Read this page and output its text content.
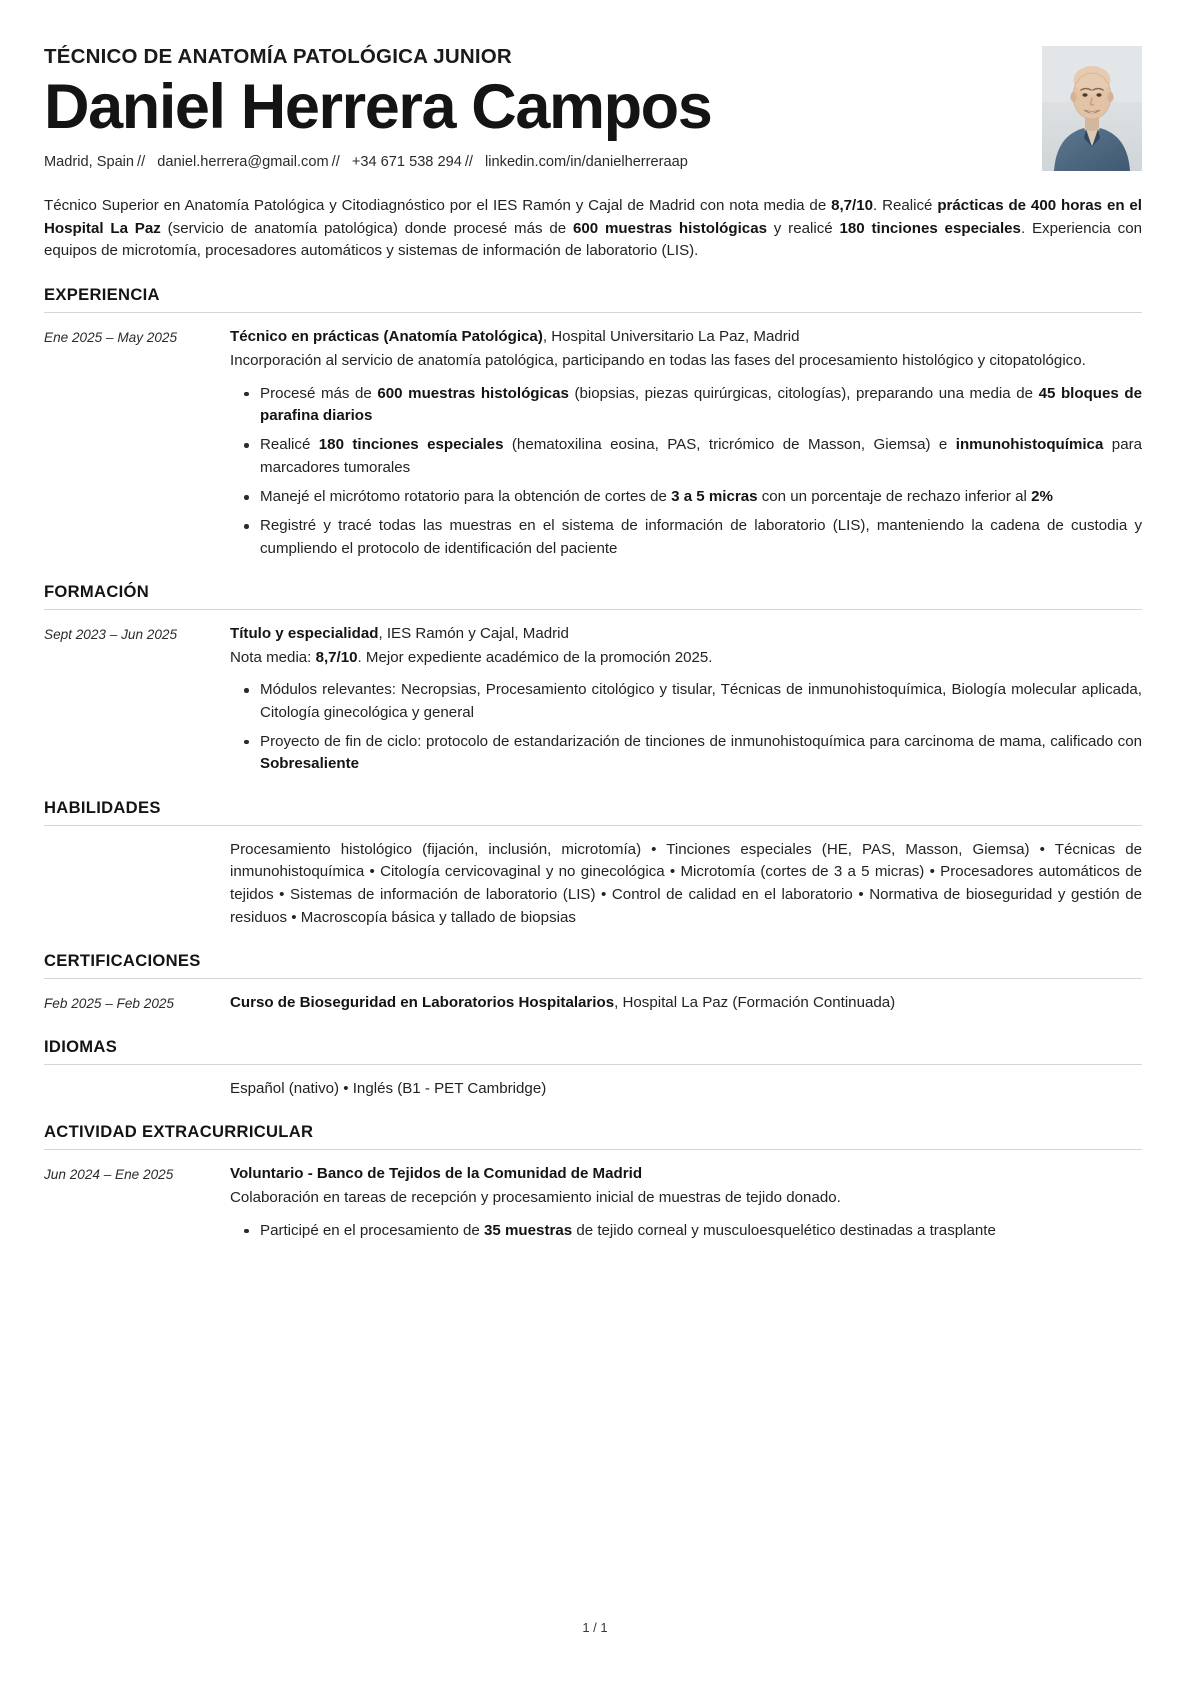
TÉCNICO DE ANATOMÍA PATOLÓGICA JUNIOR
Daniel Herrera Campos
Madrid, Spain // daniel.herrera@gmail.com // +34 671 538 294 // linkedin.com/in/danielherreraap
Técnico Superior en Anatomía Patológica y Citodiagnóstico por el IES Ramón y Cajal de Madrid con nota media de 8,7/10. Realicé prácticas de 400 horas en el Hospital La Paz (servicio de anatomía patológica) donde procesé más de 600 muestras histológicas y realicé 180 tinciones especiales. Experiencia con equipos de microtomía, procesadores automáticos y sistemas de información de laboratorio (LIS).
EXPERIENCIA
Ene 2025 – May 2025	Técnico en prácticas (Anatomía Patológica), Hospital Universitario La Paz, Madrid
Incorporación al servicio de anatomía patológica, participando en todas las fases del procesamiento histológico y citopatológico.
Procesé más de 600 muestras histológicas (biopsias, piezas quirúrgicas, citologías), preparando una media de 45 bloques de parafina diarios
Realicé 180 tinciones especiales (hematoxilina eosina, PAS, tricrómico de Masson, Giemsa) e inmunohistoquímica para marcadores tumorales
Manejé el micrótomo rotatorio para la obtención de cortes de 3 a 5 micras con un porcentaje de rechazo inferior al 2%
Registré y tracé todas las muestras en el sistema de información de laboratorio (LIS), manteniendo la cadena de custodia y cumpliendo el protocolo de identificación del paciente
FORMACIÓN
Sept 2023 – Jun 2025	Título y especialidad, IES Ramón y Cajal, Madrid
Nota media: 8,7/10. Mejor expediente académico de la promoción 2025.
Módulos relevantes: Necropsias, Procesamiento citológico y tisular, Técnicas de inmunohistoquímica, Biología molecular aplicada, Citología ginecológica y general
Proyecto de fin de ciclo: protocolo de estandarización de tinciones de inmunohistoquímica para carcinoma de mama, calificado con Sobresaliente
HABILIDADES
Procesamiento histológico (fijación, inclusión, microtomía) • Tinciones especiales (HE, PAS, Masson, Giemsa) • Técnicas de inmunohistoquímica • Citología cervicovaginal y no ginecológica • Microtomía (cortes de 3 a 5 micras) • Procesadores automáticos de tejidos • Sistemas de información de laboratorio (LIS) • Control de calidad en el laboratorio • Normativa de bioseguridad y gestión de residuos • Macroscopía básica y tallado de biopsias
CERTIFICACIONES
Feb 2025 – Feb 2025	Curso de Bioseguridad en Laboratorios Hospitalarios, Hospital La Paz (Formación Continuada)
IDIOMAS
Español (nativo) • Inglés (B1 - PET Cambridge)
ACTIVIDAD EXTRACURRICULAR
Jun 2024 – Ene 2025	Voluntario - Banco de Tejidos de la Comunidad de Madrid
Colaboración en tareas de recepción y procesamiento inicial de muestras de tejido donado.
Participé en el procesamiento de 35 muestras de tejido corneal y musculoesquelético destinadas a trasplante
1 / 1
